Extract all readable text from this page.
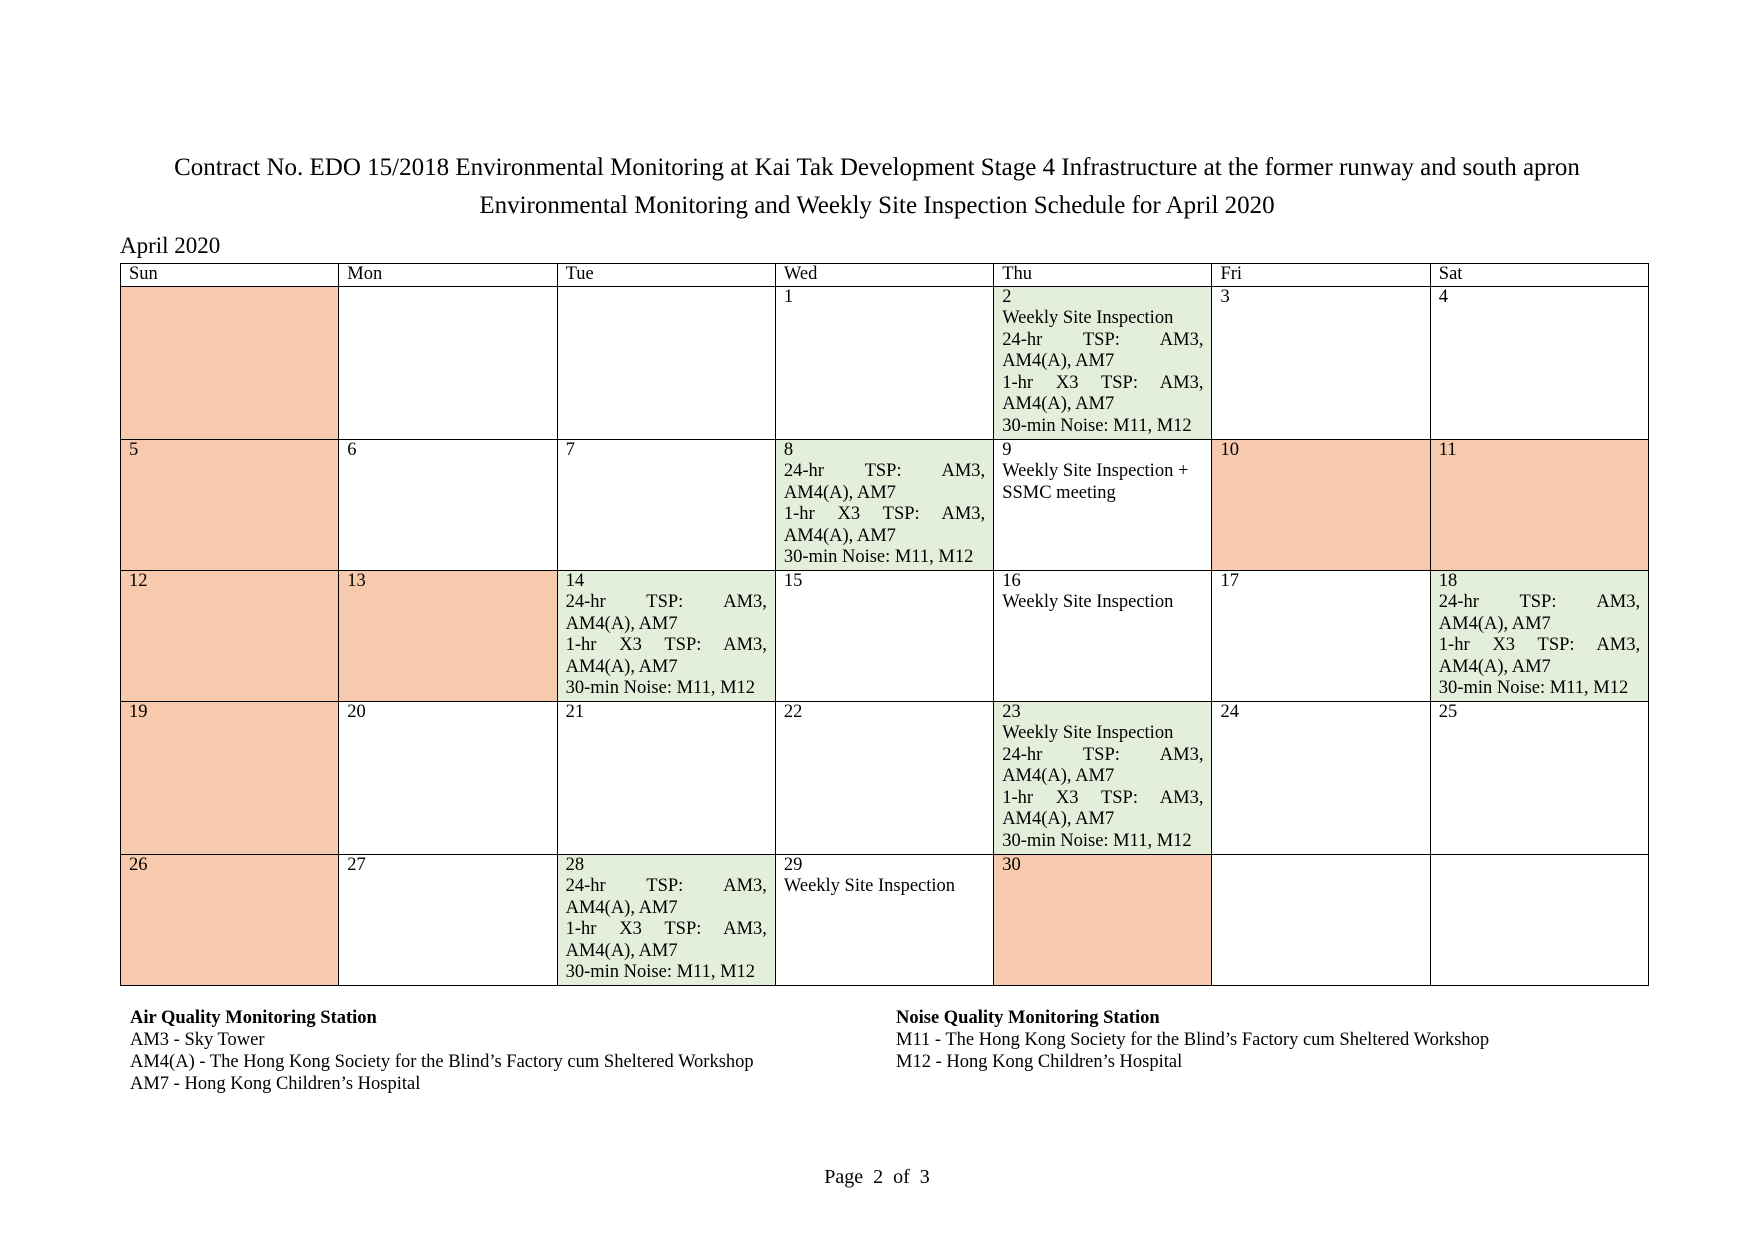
Contract No. EDO 15/2018 Environmental Monitoring at Kai Tak Development Stage 4 Infrastructure at the former runway and south apron
Environmental Monitoring and Weekly Site Inspection Schedule for April 2020
April 2020
Sun	Mon	Tue	Wed	Thu	Fri	Sat

			1	2
Weekly Site Inspection
24-hr TSP: AM3, AM4(A), AM7
1-hr X3 TSP: AM3, AM4(A), AM7
30-min Noise: M11, M12	3	4

5	6	7	8
24-hr TSP: AM3, AM4(A), AM7
1-hr X3 TSP: AM3, AM4(A), AM7
30-min Noise: M11, M12	9
Weekly Site Inspection + SSMC meeting	10	11

12	13	14
24-hr TSP: AM3, AM4(A), AM7
1-hr X3 TSP: AM3, AM4(A), AM7
30-min Noise: M11, M12	15	16
Weekly Site Inspection	17	18
24-hr TSP: AM3, AM4(A), AM7
1-hr X3 TSP: AM3, AM4(A), AM7
30-min Noise: M11, M12

19	20	21	22	23
Weekly Site Inspection
24-hr TSP: AM3, AM4(A), AM7
1-hr X3 TSP: AM3, AM4(A), AM7
30-min Noise: M11, M12	24	25

26	27	28
24-hr TSP: AM3, AM4(A), AM7
1-hr X3 TSP: AM3, AM4(A), AM7
30-min Noise: M11, M12	29
Weekly Site Inspection	30		

Air Quality Monitoring Station
AM3 - Sky Tower
AM4(A) - The Hong Kong Society for the Blind’s Factory cum Sheltered Workshop
AM7 - Hong Kong Children’s Hospital
Noise Quality Monitoring Station
M11 - The Hong Kong Society for the Blind’s Factory cum Sheltered Workshop
M12 - Hong Kong Children’s Hospital
Page  2  of  3
